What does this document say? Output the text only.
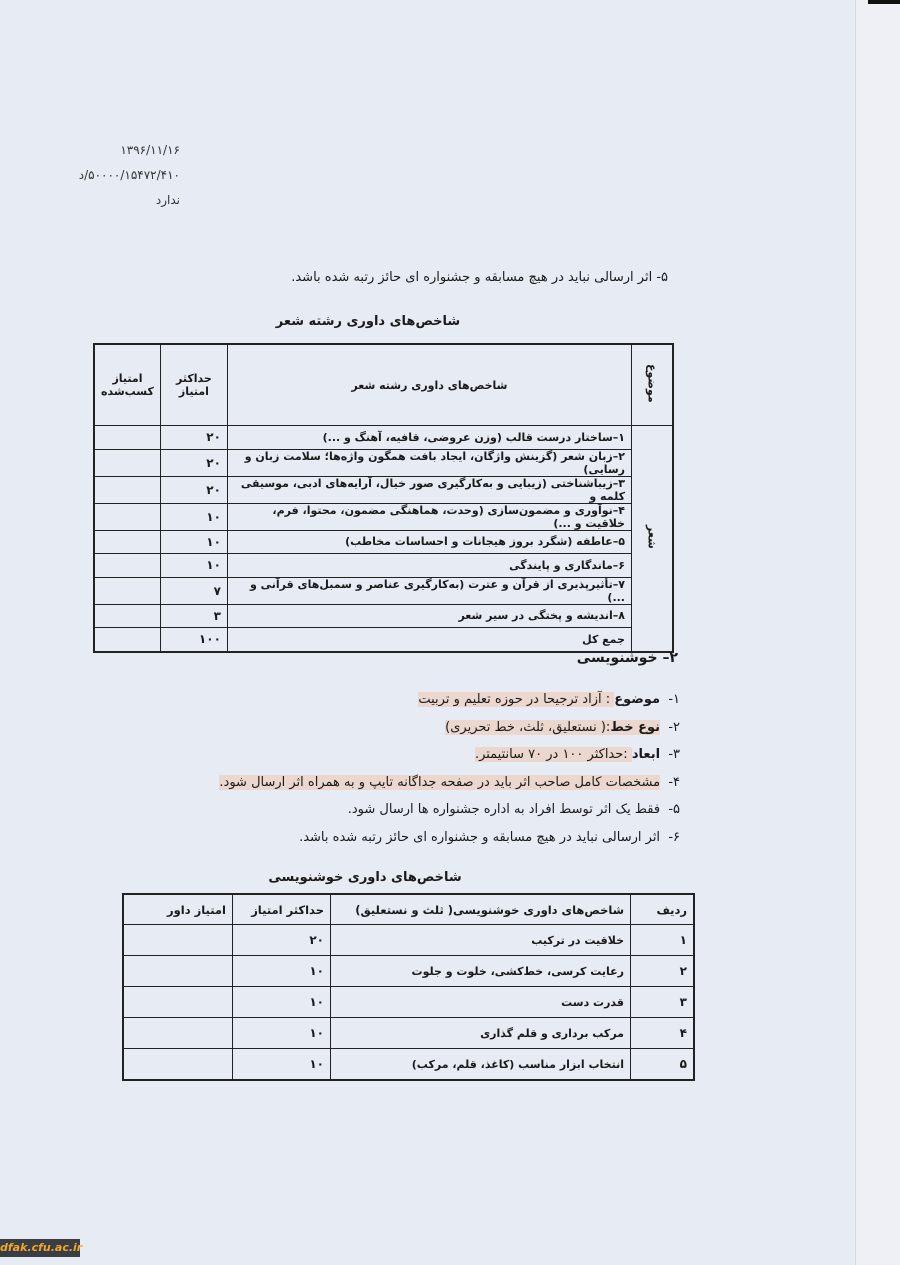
۱۳۹۶/۱۱/۱۶
۵۰۰۰۰/۱۵۴۷۲/۴۱۰/د
ندارد
۵- اثر ارسالی نباید در هیچ مسابقه و جشنواره ای حائز رتبه شده باشد.
شاخص‌های داوری رشته شعر
موضوع	شاخص‌های داوری رشته شعر	حداکثر امتیاز	امتیاز کسب‌شده
شعر	۱–ساختار درست قالب (وزن عروضی، قافیه، آهنگ و ...)	۲۰	
	۲–زبان شعر (گزینش واژگان، ایجاد بافت همگون واژه‌ها؛ سلامت زبان و رسایی)	۲۰	
	۳–زیباشناختی (زیبایی و به‌کارگیری صور خیال، آرایه‌های ادبی، موسیقی کلمه و	۲۰	
	۴–نوآوری و مضمون‌سازی (وحدت، هماهنگی مضمون، محتوا، فرم، خلاقیت و ...)	۱۰	
	۵–عاطفه (شگرد بروز هیجانات و احساسات مخاطب)	۱۰	
	۶–ماندگاری و پایندگی	۱۰	
	۷–تأثیرپذیری از قرآن و عترت (به‌کارگیری عناصر و سمبل‌های قرآنی و ...)	۷	
	۸–اندیشه و پختگی در سیر شعر	۳	
	جمع کل	۱۰۰	
۲– خوشنویسی
۱-  موضوع : آزاد ترجیحا در حوزه تعلیم و تربیت
۲-  نوع خط:( نستعلیق، ثلث، خط تحریری)
۳-  ابعاد :حداکثر ۱۰۰ در ۷۰ سانتیمتر.
۴-  مشخصات کامل صاحب اثر باید در صفحه جداگانه تایپ و به همراه اثر ارسال شود.
۵-  فقط یک اثر توسط افراد به اداره جشنواره ها ارسال شود.
۶-  اثر ارسالی نباید در هیچ مسابقه و جشنواره ای حائز رتبه شده باشد.
شاخص‌های داوری خوشنویسی
ردیف	شاخص‌های داوری خوشنویسی( ثلث و نستعلیق)	حداکثر امتیاز	امتیاز داور
۱	خلاقیت در ترکیب	۲۰	
۲	رعایت کرسی، خط‌کشی، خلوت و جلوت	۱۰	
۳	قدرت دست	۱۰	
۴	مرکب برداری و قلم گذاری	۱۰	
۵	انتخاب ابزار مناسب (کاغذ، قلم، مرکب)	۱۰	
dfak.cfu.ac.ir
